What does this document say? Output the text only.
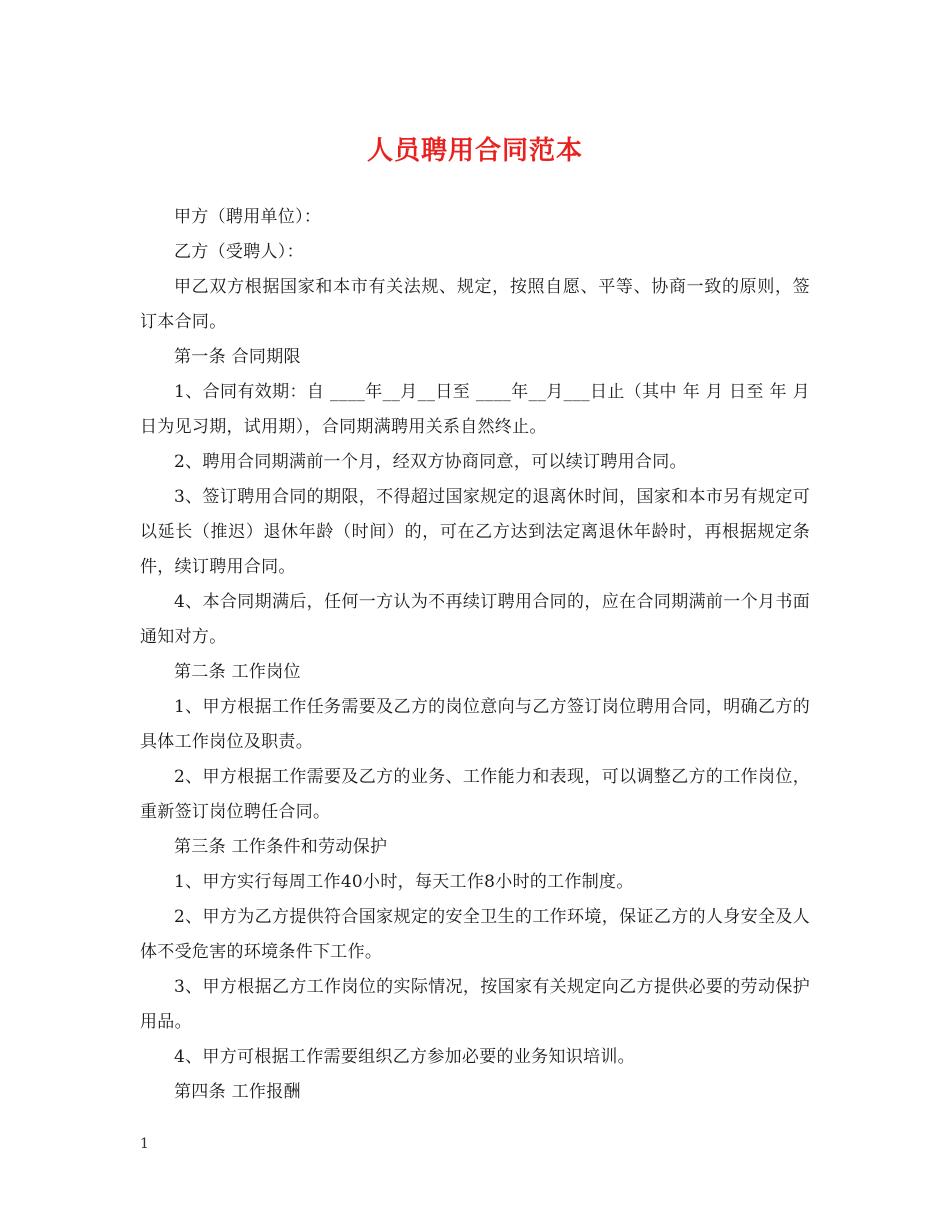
人员聘用合同范本

甲方（聘用单位）：

乙方（受聘人）：

甲乙双方根据国家和本市有关法规、规定，按照自愿、平等、协商一致的原则，签订本合同。

第一条 合同期限

1、合同有效期：自 ____年__月__日至 ____年__月___日止（其中 年 月 日至 年 月 日为见习期，试用期），合同期满聘用关系自然终止。

2、聘用合同期满前一个月，经双方协商同意，可以续订聘用合同。

3、签订聘用合同的期限，不得超过国家规定的退离休时间，国家和本市另有规定可以延长（推迟）退休年龄（时间）的，可在乙方达到法定离退休年龄时，再根据规定条件，续订聘用合同。

4、本合同期满后，任何一方认为不再续订聘用合同的，应在合同期满前一个月书面通知对方。

第二条 工作岗位

1、甲方根据工作任务需要及乙方的岗位意向与乙方签订岗位聘用合同，明确乙方的具体工作岗位及职责。

2、甲方根据工作需要及乙方的业务、工作能力和表现，可以调整乙方的工作岗位，重新签订岗位聘任合同。

第三条 工作条件和劳动保护

1、甲方实行每周工作40小时，每天工作8小时的工作制度。

2、甲方为乙方提供符合国家规定的安全卫生的工作环境，保证乙方的人身安全及人体不受危害的环境条件下工作。

3、甲方根据乙方工作岗位的实际情况，按国家有关规定向乙方提供必要的劳动保护用品。

4、甲方可根据工作需要组织乙方参加必要的业务知识培训。

第四条 工作报酬

1
